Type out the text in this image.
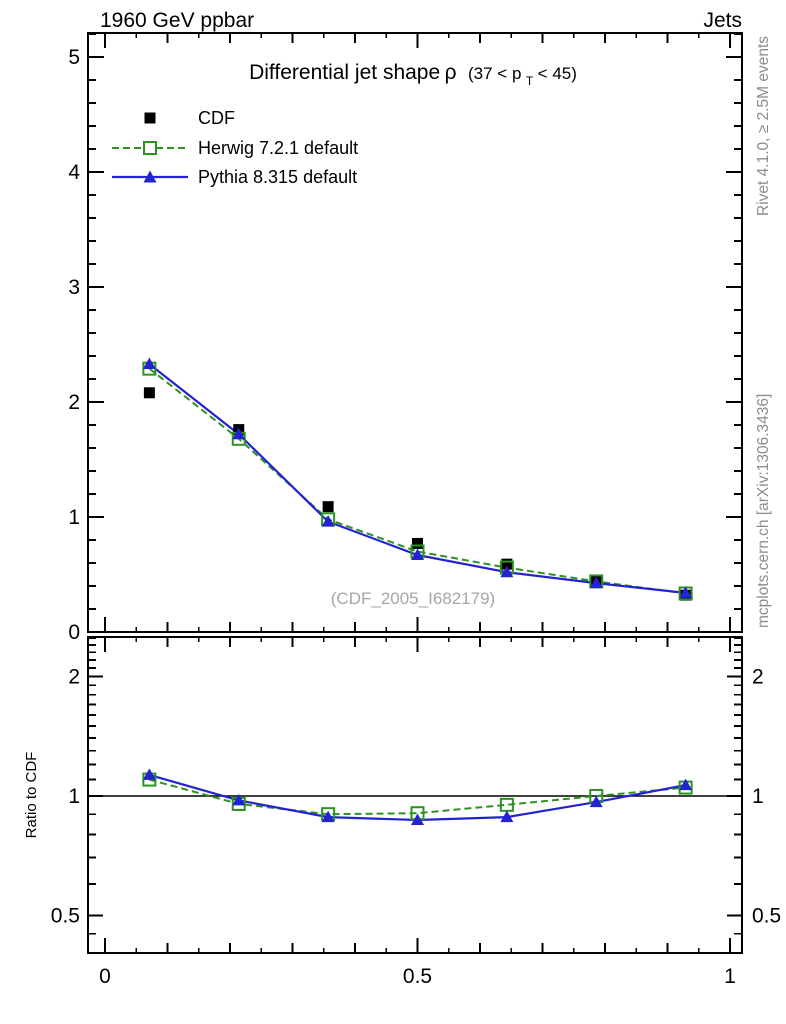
1960 GeV ppbar	Jets
0
1
2
3
4
5
0	0.5	1
0.5	0.5
1	1
2	2
Differential jet shape ρ (37 < p $_T$ < 45)
CDF
Herwig 7.2.1 default
Pythia 8.315 default
(CDF_2005_I682179)
Rivet 4.1.0, ≥ 2.5M events
mcplots.cern.ch [arXiv:1306.3436]
Ratio to CDF
